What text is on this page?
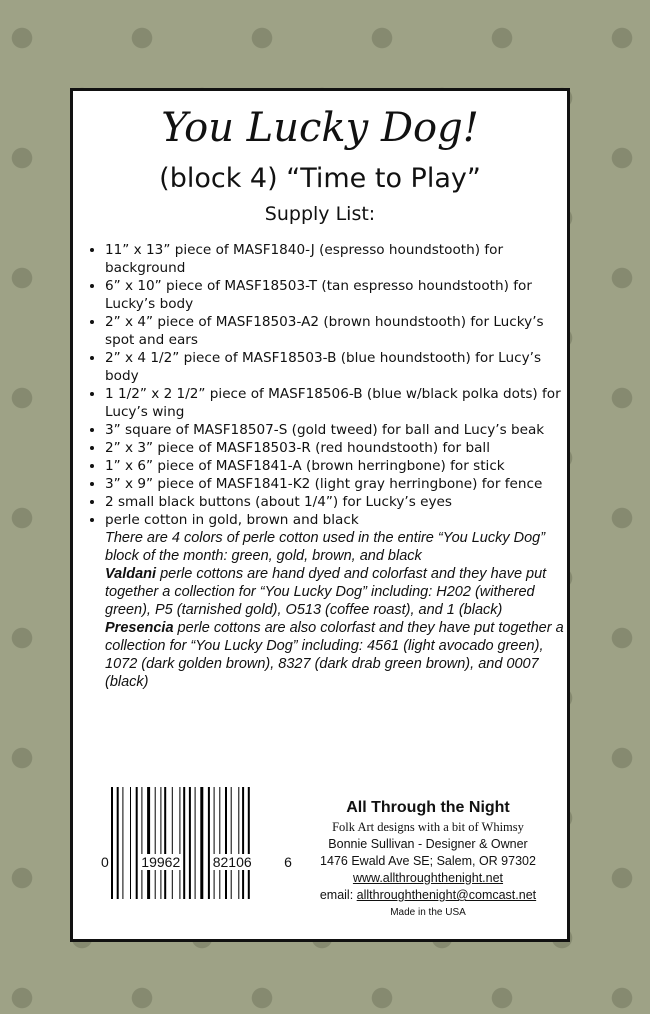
You Lucky Dog!
(block 4) “Time to Play”
Supply List:
• 11” x 13” piece of MASF1840-J (espresso houndstooth) for background
• 6” x 10” piece of MASF18503-T (tan espresso houndstooth) for Lucky’s body
• 2” x 4” piece of MASF18503-A2 (brown houndstooth) for Lucky’s spot and ears
• 2” x 4 1/2” piece of MASF18503-B (blue houndstooth) for Lucy’s body
• 1 1/2” x 2 1/2” piece of MASF18506-B (blue w/black polka dots) for Lucy’s wing
• 3” square of MASF18507-S (gold tweed) for ball and Lucy’s beak
• 2” x 3” piece of MASF18503-R (red houndstooth) for ball
• 1” x 6” piece of MASF1841-A (brown herringbone) for stick
• 3” x 9” piece of MASF1841-K2 (light gray herringbone) for fence
• 2 small black buttons (about 1/4”) for Lucky’s eyes
• perle cotton in gold, brown and black
There are 4 colors of perle cotton used in the entire “You Lucky Dog” block of the month: green, gold, brown, and black
Valdani perle cottons are hand dyed and colorfast and they have put together a collection for “You Lucky Dog” including: H202 (withered green), P5 (tarnished gold), O513 (coffee roast), and 1 (black)
Presencia perle cottons are also colorfast and they have put together a collection for “You Lucky Dog” including: 4561 (light avocado green), 1072 (dark golden brown), 8327 (dark drab green brown), and 0007 (black)
0 19962 82106 6
All Through the Night
Folk Art designs with a bit of Whimsy
Bonnie Sullivan - Designer & Owner
1476 Ewald Ave SE; Salem, OR 97302
www.allthroughthenight.net
email: allthroughthenight@comcast.net
Made in the USA
